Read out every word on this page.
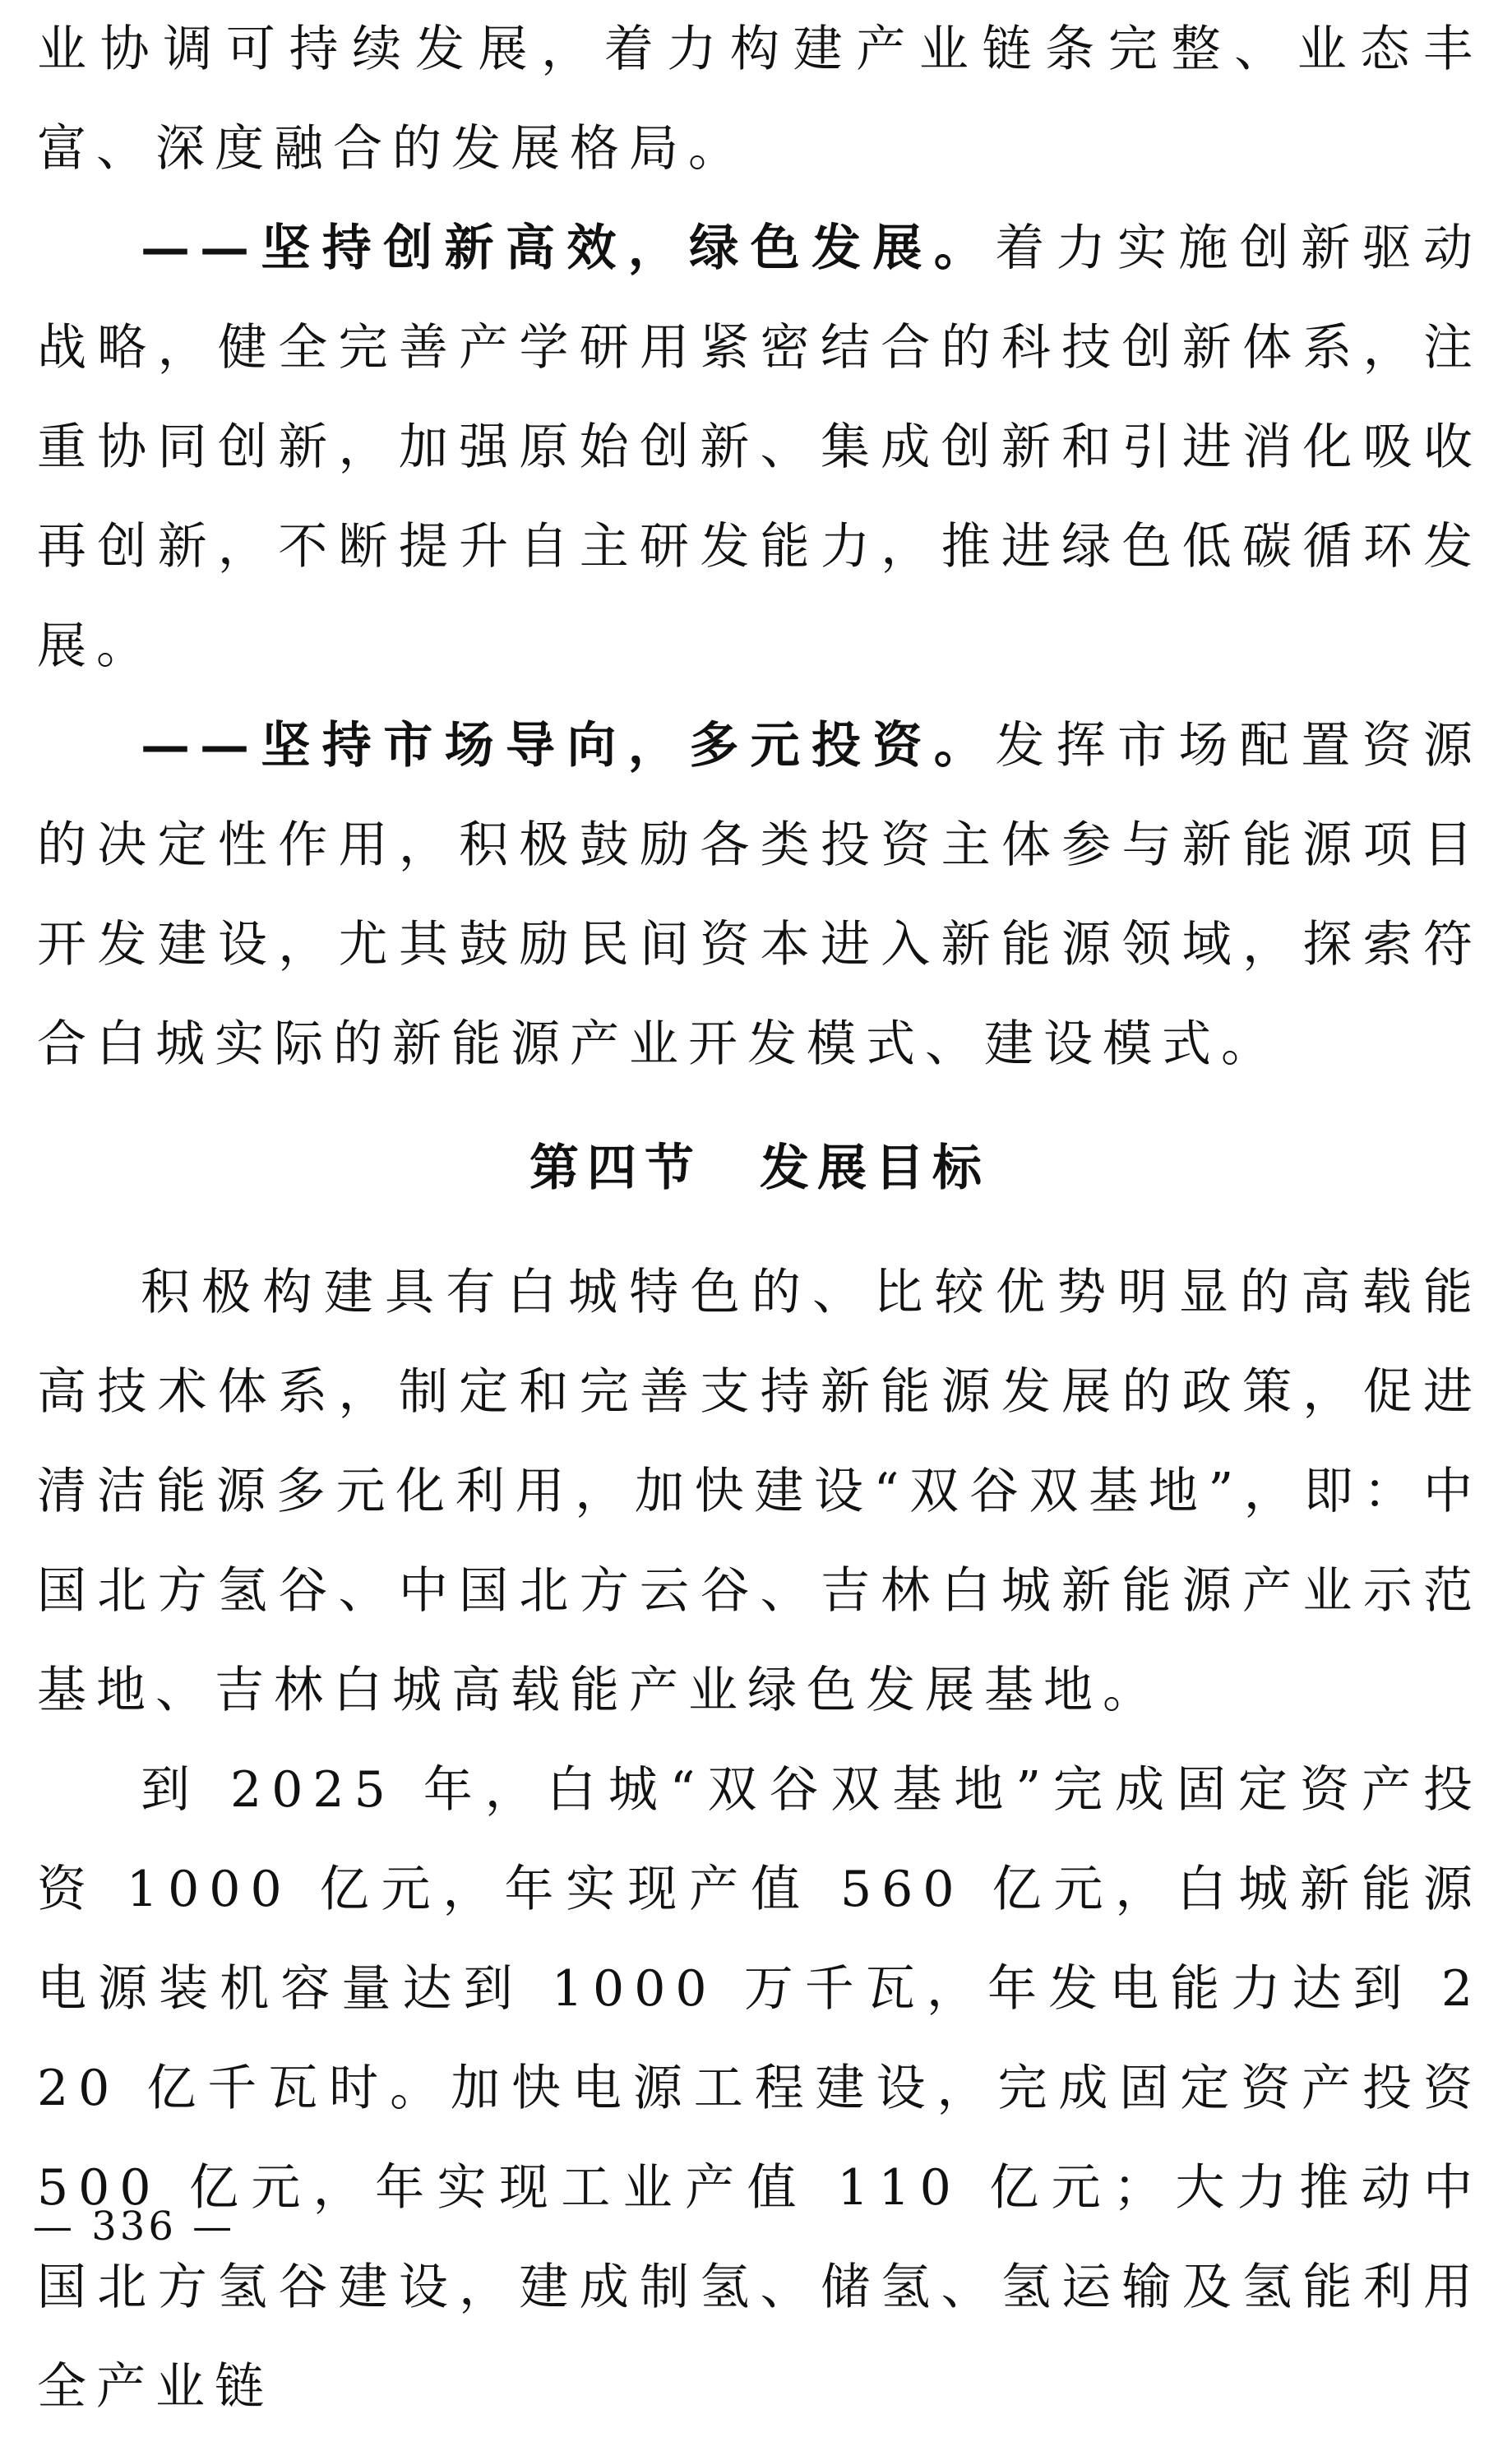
业协调可持续发展，着力构建产业链条完整、业态丰富、深度融合的发展格局。

——坚持创新高效，绿色发展。着力实施创新驱动战略，健全完善产学研用紧密结合的科技创新体系，注重协同创新，加强原始创新、集成创新和引进消化吸收再创新，不断提升自主研发能力，推进绿色低碳循环发展。

——坚持市场导向，多元投资。发挥市场配置资源的决定性作用，积极鼓励各类投资主体参与新能源项目开发建设，尤其鼓励民间资本进入新能源领域，探索符合白城实际的新能源产业开发模式、建设模式。

第四节 发展目标

积极构建具有白城特色的、比较优势明显的高载能高技术体系，制定和完善支持新能源发展的政策，促进清洁能源多元化利用，加快建设“双谷双基地”，即：中国北方氢谷、中国北方云谷、吉林白城新能源产业示范基地、吉林白城高载能产业绿色发展基地。

到 2025 年，白城“双谷双基地”完成固定资产投资 1000 亿元，年实现产值 560 亿元，白城新能源电源装机容量达到 1000 万千瓦，年发电能力达到 220 亿千瓦时。加快电源工程建设，完成固定资产投资 500 亿元，年实现工业产值 110 亿元；大力推动中国北方氢谷建设，建成制氢、储氢、氢运输及氢能利用全产业链

— 336 —
